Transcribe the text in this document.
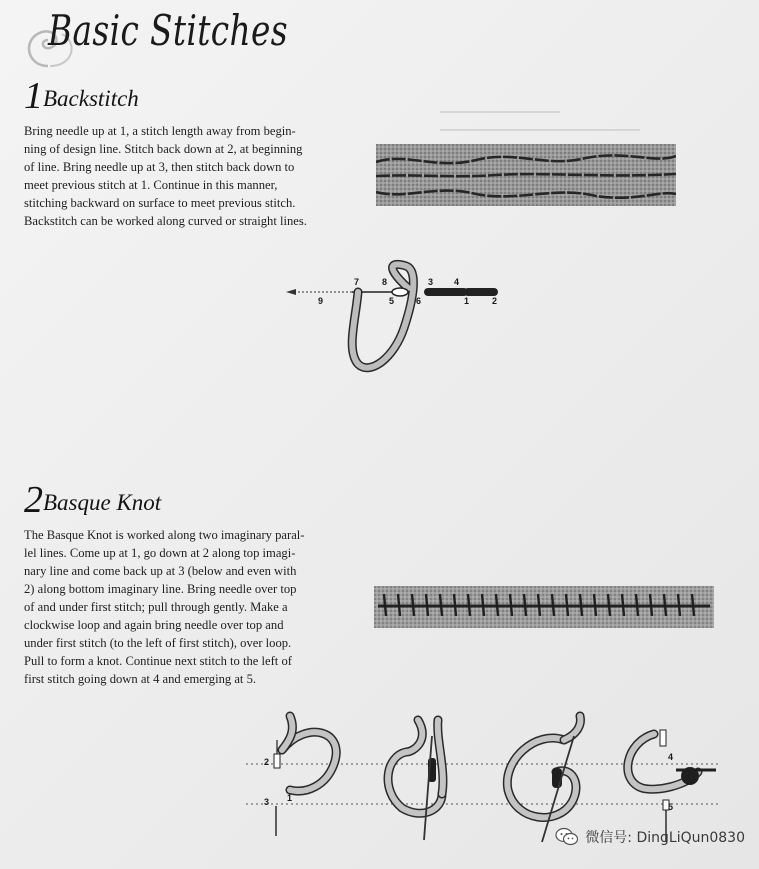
Basic Stitches
1Backstitch
Bring needle up at 1, a stitch length away from begin-
ning of design line. Stitch back down at 2, at beginning
of line. Bring needle up at 3, then stitch back down to
meet previous stitch at 1. Continue in this manner,
stitching backward on surface to meet previous stitch.
Backstitch can be worked along curved or straight lines.
7	8	3 4
9	5 6	1	2
2Basque Knot
The Basque Knot is worked along two imaginary paral-
lel lines. Come up at 1, go down at 2 along top imagi-
nary line and come back up at 3 (below and even with
2) along bottom imaginary line. Bring needle over top
of and under first stitch; pull through gently. Make a
clockwise loop and again bring needle over top and
under first stitch (to the left of first stitch), over loop.
Pull to form a knot. Continue next stitch to the left of
first stitch going down at 4 and emerging at 5.
2
1
3
4
5
微信号: DingLiQun0830
